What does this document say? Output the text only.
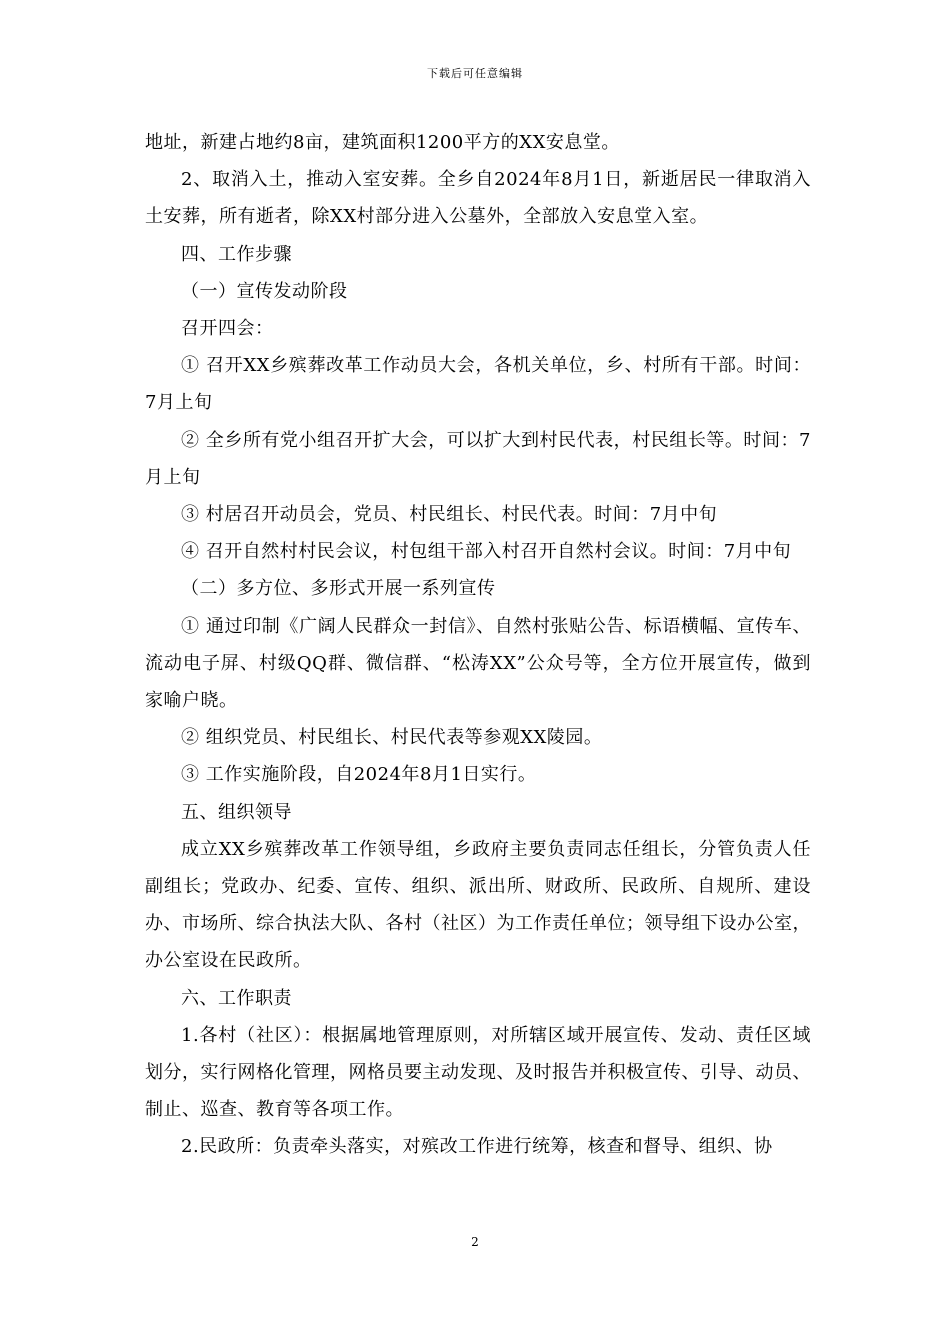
下载后可任意编辑

地址，新建占地约8亩，建筑面积1200平方的XX安息堂。

2、取消入土，推动入室安葬。全乡自2024年8月1日，新逝居民一律取消入土安葬，所有逝者，除XX村部分进入公墓外，全部放入安息堂入室。

四、工作步骤

（一）宣传发动阶段

召开四会：

① 召开XX乡殡葬改革工作动员大会，各机关单位，乡、村所有干部。时间：7月上旬

② 全乡所有党小组召开扩大会，可以扩大到村民代表，村民组长等。时间：7月上旬

③ 村居召开动员会，党员、村民组长、村民代表。时间：7月中旬

④ 召开自然村村民会议，村包组干部入村召开自然村会议。时间：7月中旬

（二）多方位、多形式开展一系列宣传

① 通过印制《广阔人民群众一封信》、自然村张贴公告、标语横幅、宣传车、流动电子屏、村级QQ群、微信群、“松涛XX”公众号等，全方位开展宣传，做到家喻户晓。

② 组织党员、村民组长、村民代表等参观XX陵园。

③ 工作实施阶段，自2024年8月1日实行。

五、组织领导

成立XX乡殡葬改革工作领导组，乡政府主要负责同志任组长，分管负责人任副组长；党政办、纪委、宣传、组织、派出所、财政所、民政所、自规所、建设办、市场所、综合执法大队、各村（社区）为工作责任单位；领导组下设办公室，办公室设在民政所。

六、工作职责

1.各村（社区）：根据属地管理原则，对所辖区域开展宣传、发动、责任区域划分，实行网格化管理，网格员要主动发现、及时报告并积极宣传、引导、动员、制止、巡查、教育等各项工作。

2.民政所：负责牵头落实，对殡改工作进行统筹，核查和督导、组织、协

2
